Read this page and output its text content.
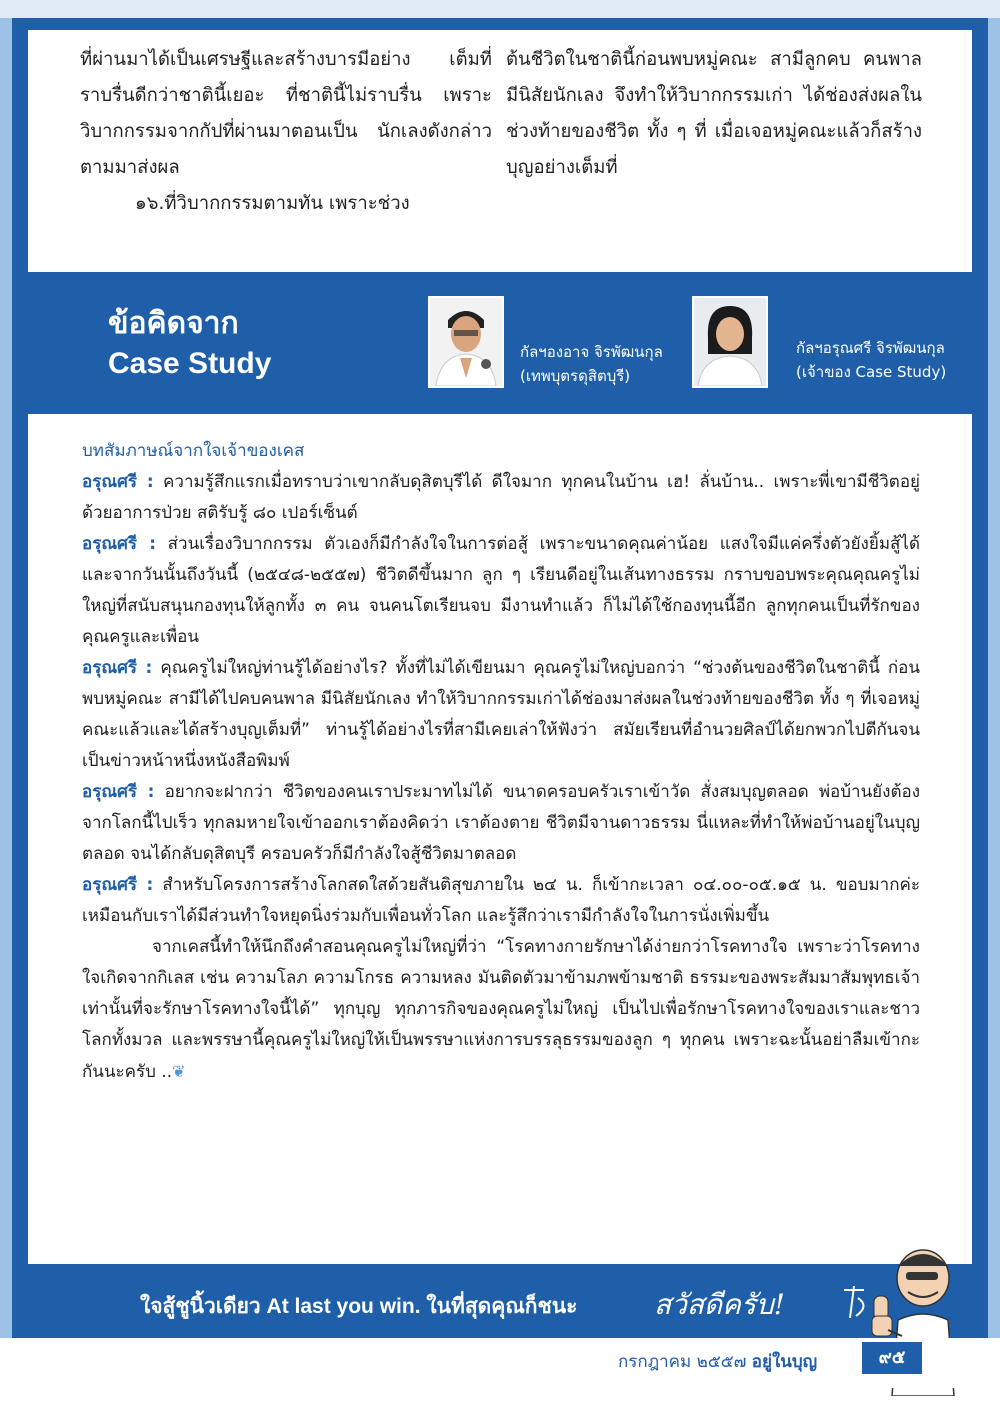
ที่ผ่านมาได้เป็นเศรษฐีและสร้างบารมีอย่าง เต็มที่ ราบรื่นดีกว่าชาตินี้เยอะ ที่ชาตินี้ไม่ราบรื่น เพราะวิบากกรรมจากกัปที่ผ่านมาตอนเป็น นักเลงดังกล่าวตามมาส่งผล

๑๖.ที่วิบากกรรมตามทัน เพราะช่วง

ต้นชีวิตในชาตินี้ก่อนพบหมู่คณะ สามีลูกคบ คนพาล มีนิสัยนักเลง จึงทำให้วิบากกรรมเก่า ได้ช่องส่งผลในช่วงท้ายของชีวิต ทั้ง ๆ ที่ เมื่อเจอหมู่คณะแล้วก็สร้างบุญอย่างเต็มที่

ข้อคิดจาก
Case Study	กัลฯองอาจ จิรพัฒนกุล
(เทพบุตรดุสิตบุรี)
กัลฯอรุณศรี จิรพัฒนกุล
(เจ้าของ Case Study)

บทสัมภาษณ์จากใจเจ้าของเคส

อรุณศรี : ความรู้สึกแรกเมื่อทราบว่าเขากลับดุสิตบุรีได้ ดีใจมาก ทุกคนในบ้าน เฮ! ลั่นบ้าน.. เพราะพี่เขามีชีวิตอยู่ด้วยอาการป่วย สติรับรู้ ๘๐ เปอร์เซ็นต์

อรุณศรี : ส่วนเรื่องวิบากกรรม ตัวเองก็มีกำลังใจในการต่อสู้ เพราะขนาดคุณค่าน้อย แสงใจมีแค่ครึ่งตัวยังยิ้มสู้ได้ และจากวันนั้นถึงวันนี้ (๒๕๔๘-๒๕๕๗) ชีวิตดีขึ้นมาก ลูก ๆ เรียนดีอยู่ในเส้นทางธรรม กราบขอบพระคุณคุณครูไม่ใหญ่ที่สนับสนุนกองทุนให้ลูกทั้ง ๓ คน จนคนโตเรียนจบ มีงานทำแล้ว ก็ไม่ได้ใช้กองทุนนี้อีก ลูกทุกคนเป็นที่รักของคุณครูและเพื่อน

อรุณศรี : คุณครูไม่ใหญ่ท่านรู้ได้อย่างไร? ทั้งที่ไม่ได้เขียนมา คุณครูไม่ใหญ่บอกว่า “ช่วงต้นของชีวิตในชาตินี้ ก่อนพบหมู่คณะ สามีได้ไปคบคนพาล มีนิสัยนักเลง ทำให้วิบากกรรมเก่าได้ช่องมาส่งผลในช่วงท้ายของชีวิต ทั้ง ๆ ที่เจอหมู่คณะแล้วและได้สร้างบุญเต็มที่” ท่านรู้ได้อย่างไรที่สามีเคยเล่าให้ฟังว่า สมัยเรียนที่อำนวยศิลป์ได้ยกพวกไปตีกันจนเป็นข่าวหน้าหนึ่งหนังสือพิมพ์

อรุณศรี : อยากจะฝากว่า ชีวิตของคนเราประมาทไม่ได้ ขนาดครอบครัวเราเข้าวัด สั่งสมบุญตลอด พ่อบ้านยังต้องจากโลกนี้ไปเร็ว ทุกลมหายใจเข้าออกเราต้องคิดว่า เราต้องตาย ชีวิตมีจานดาวธรรม นี่แหละที่ทำให้พ่อบ้านอยู่ในบุญตลอด จนได้กลับดุสิตบุรี ครอบครัวก็มีกำลังใจสู้ชีวิตมาตลอด

อรุณศรี : สำหรับโครงการสร้างโลกสดใสด้วยสันติสุขภายใน ๒๔ น. ก็เข้ากะเวลา ๐๔.๐๐-๐๕.๑๕ น. ขอบมากค่ะ เหมือนกับเราได้มีส่วนทำใจหยุดนิ่งร่วมกับเพื่อนทั่วโลก และรู้สึกว่าเรามีกำลังใจในการนั่งเพิ่มขึ้น

จากเคสนี้ทำให้นึกถึงคำสอนคุณครูไม่ใหญ่ที่ว่า “โรคทางกายรักษาได้ง่ายกว่าโรคทางใจ เพราะว่าโรคทางใจเกิดจากกิเลส เช่น ความโลภ ความโกรธ ความหลง มันติดตัวมาข้ามภพข้ามชาติ ธรรมะของพระสัมมาสัมพุทธเจ้าเท่านั้นที่จะรักษาโรคทางใจนี้ได้” ทุกบุญ ทุกภารกิจของคุณครูไม่ใหญ่ เป็นไปเพื่อรักษาโรคทางใจของเราและชาวโลกทั้งมวล และพรรษานี้คุณครูไม่ใหญ่ให้เป็นพรรษาแห่งการบรรลุธรรมของลูก ๆ ทุกคน เพราะฉะนั้นอย่าลืมเข้ากะกันนะครับ ..❦

ใจสู้ชูนิ้วเดียว At last you win. ในที่สุดคุณก็ชนะ	สวัสดีครับ!
กรกฎาคม ๒๕๕๗ อยู่ในบุญ	๙๕
